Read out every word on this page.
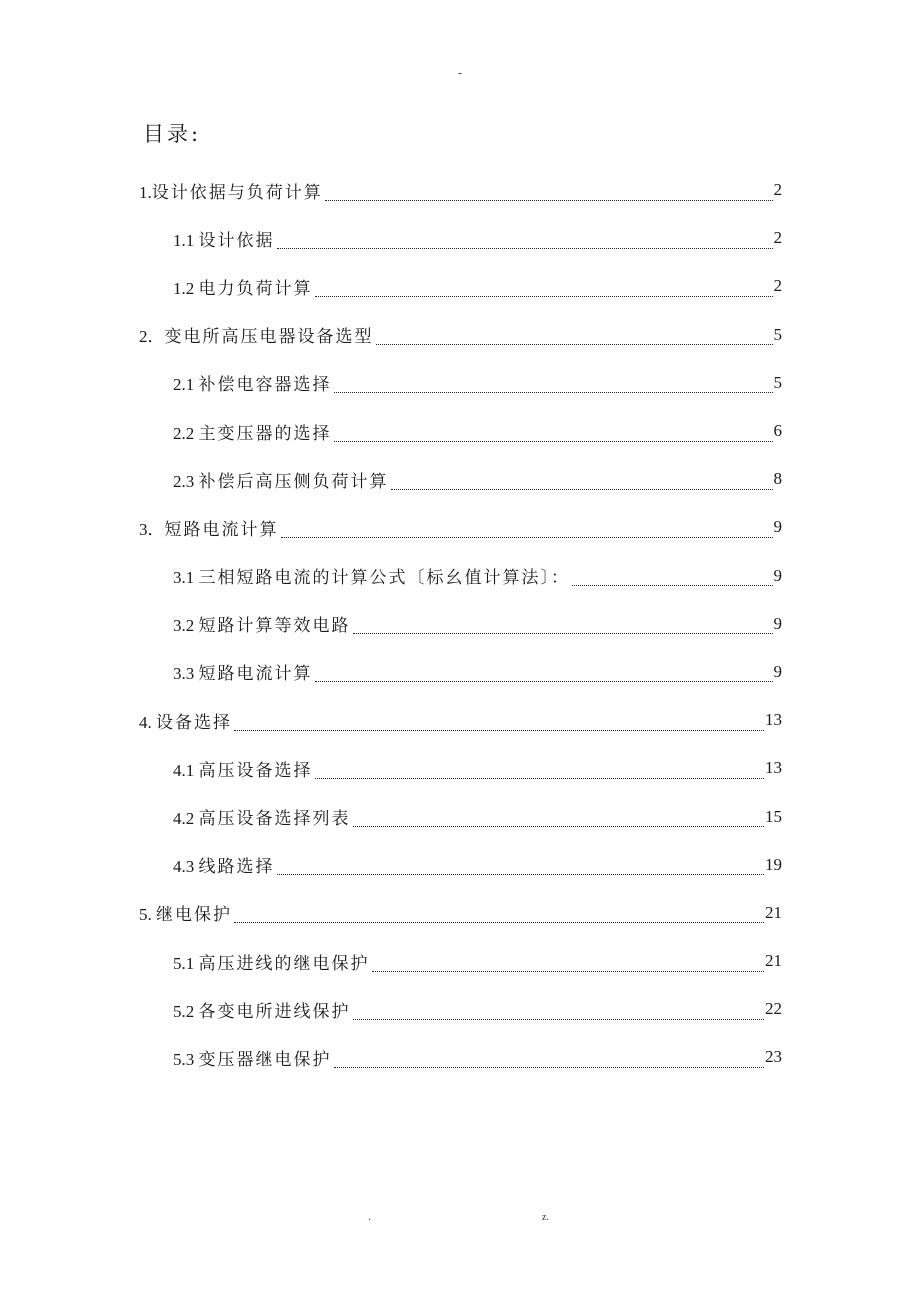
-
目录:
1.设计依据与负荷计算	2
1.1 设计依据	2
1.2 电力负荷计算	2
2．变电所高压电器设备选型	5
2.1 补偿电容器选择	5
2.2 主变压器的选择	6
2.3 补偿后高压侧负荷计算	8
3．短路电流计算	9
3.1 三相短路电流的计算公式〔标幺值计算法〕：	9
3.2 短路计算等效电路	9
3.3 短路电流计算	9
4. 设备选择	13
4.1 高压设备选择	13
4.2 高压设备选择列表	15
4.3 线路选择	19
5. 继电保护	21
5.1 高压进线的继电保护	21
5.2 各变电所进线保护	22
5.3 变压器继电保护	23
.	z.
